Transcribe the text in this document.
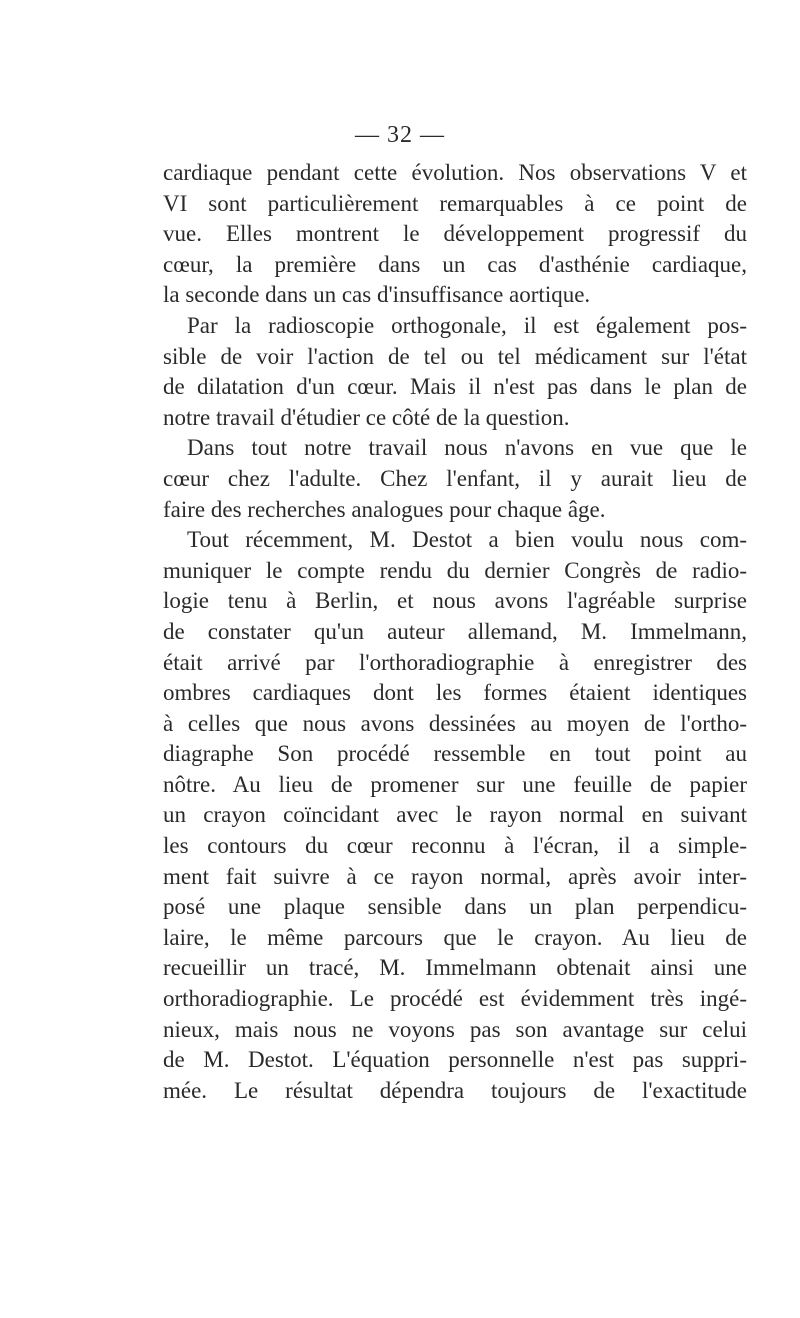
— 32 —
cardiaque pendant cette évolution. Nos observations V et
VI sont particulièrement remarquables à ce point de
vue. Elles montrent le développement progressif du
cœur, la première dans un cas d'asthénie cardiaque,
la seconde dans un cas d'insuffisance aortique.
Par la radioscopie orthogonale, il est également pos-
sible de voir l'action de tel ou tel médicament sur l'état
de dilatation d'un cœur. Mais il n'est pas dans le plan de
notre travail d'étudier ce côté de la question.
Dans tout notre travail nous n'avons en vue que le
cœur chez l'adulte. Chez l'enfant, il y aurait lieu de
faire des recherches analogues pour chaque âge.
Tout récemment, M. Destot a bien voulu nous com-
muniquer le compte rendu du dernier Congrès de radio-
logie tenu à Berlin, et nous avons l'agréable surprise
de constater qu'un auteur allemand, M. Immelmann,
était arrivé par l'orthoradiographie à enregistrer des
ombres cardiaques dont les formes étaient identiques
à celles que nous avons dessinées au moyen de l'ortho-
diagraphe Son procédé ressemble en tout point au
nôtre. Au lieu de promener sur une feuille de papier
un crayon coïncidant avec le rayon normal en suivant
les contours du cœur reconnu à l'écran, il a simple-
ment fait suivre à ce rayon normal, après avoir inter-
posé une plaque sensible dans un plan perpendicu-
laire, le même parcours que le crayon. Au lieu de
recueillir un tracé, M. Immelmann obtenait ainsi une
orthoradiographie. Le procédé est évidemment très ingé-
nieux, mais nous ne voyons pas son avantage sur celui
de M. Destot. L'équation personnelle n'est pas suppri-
mée. Le résultat dépendra toujours de l'exactitude
